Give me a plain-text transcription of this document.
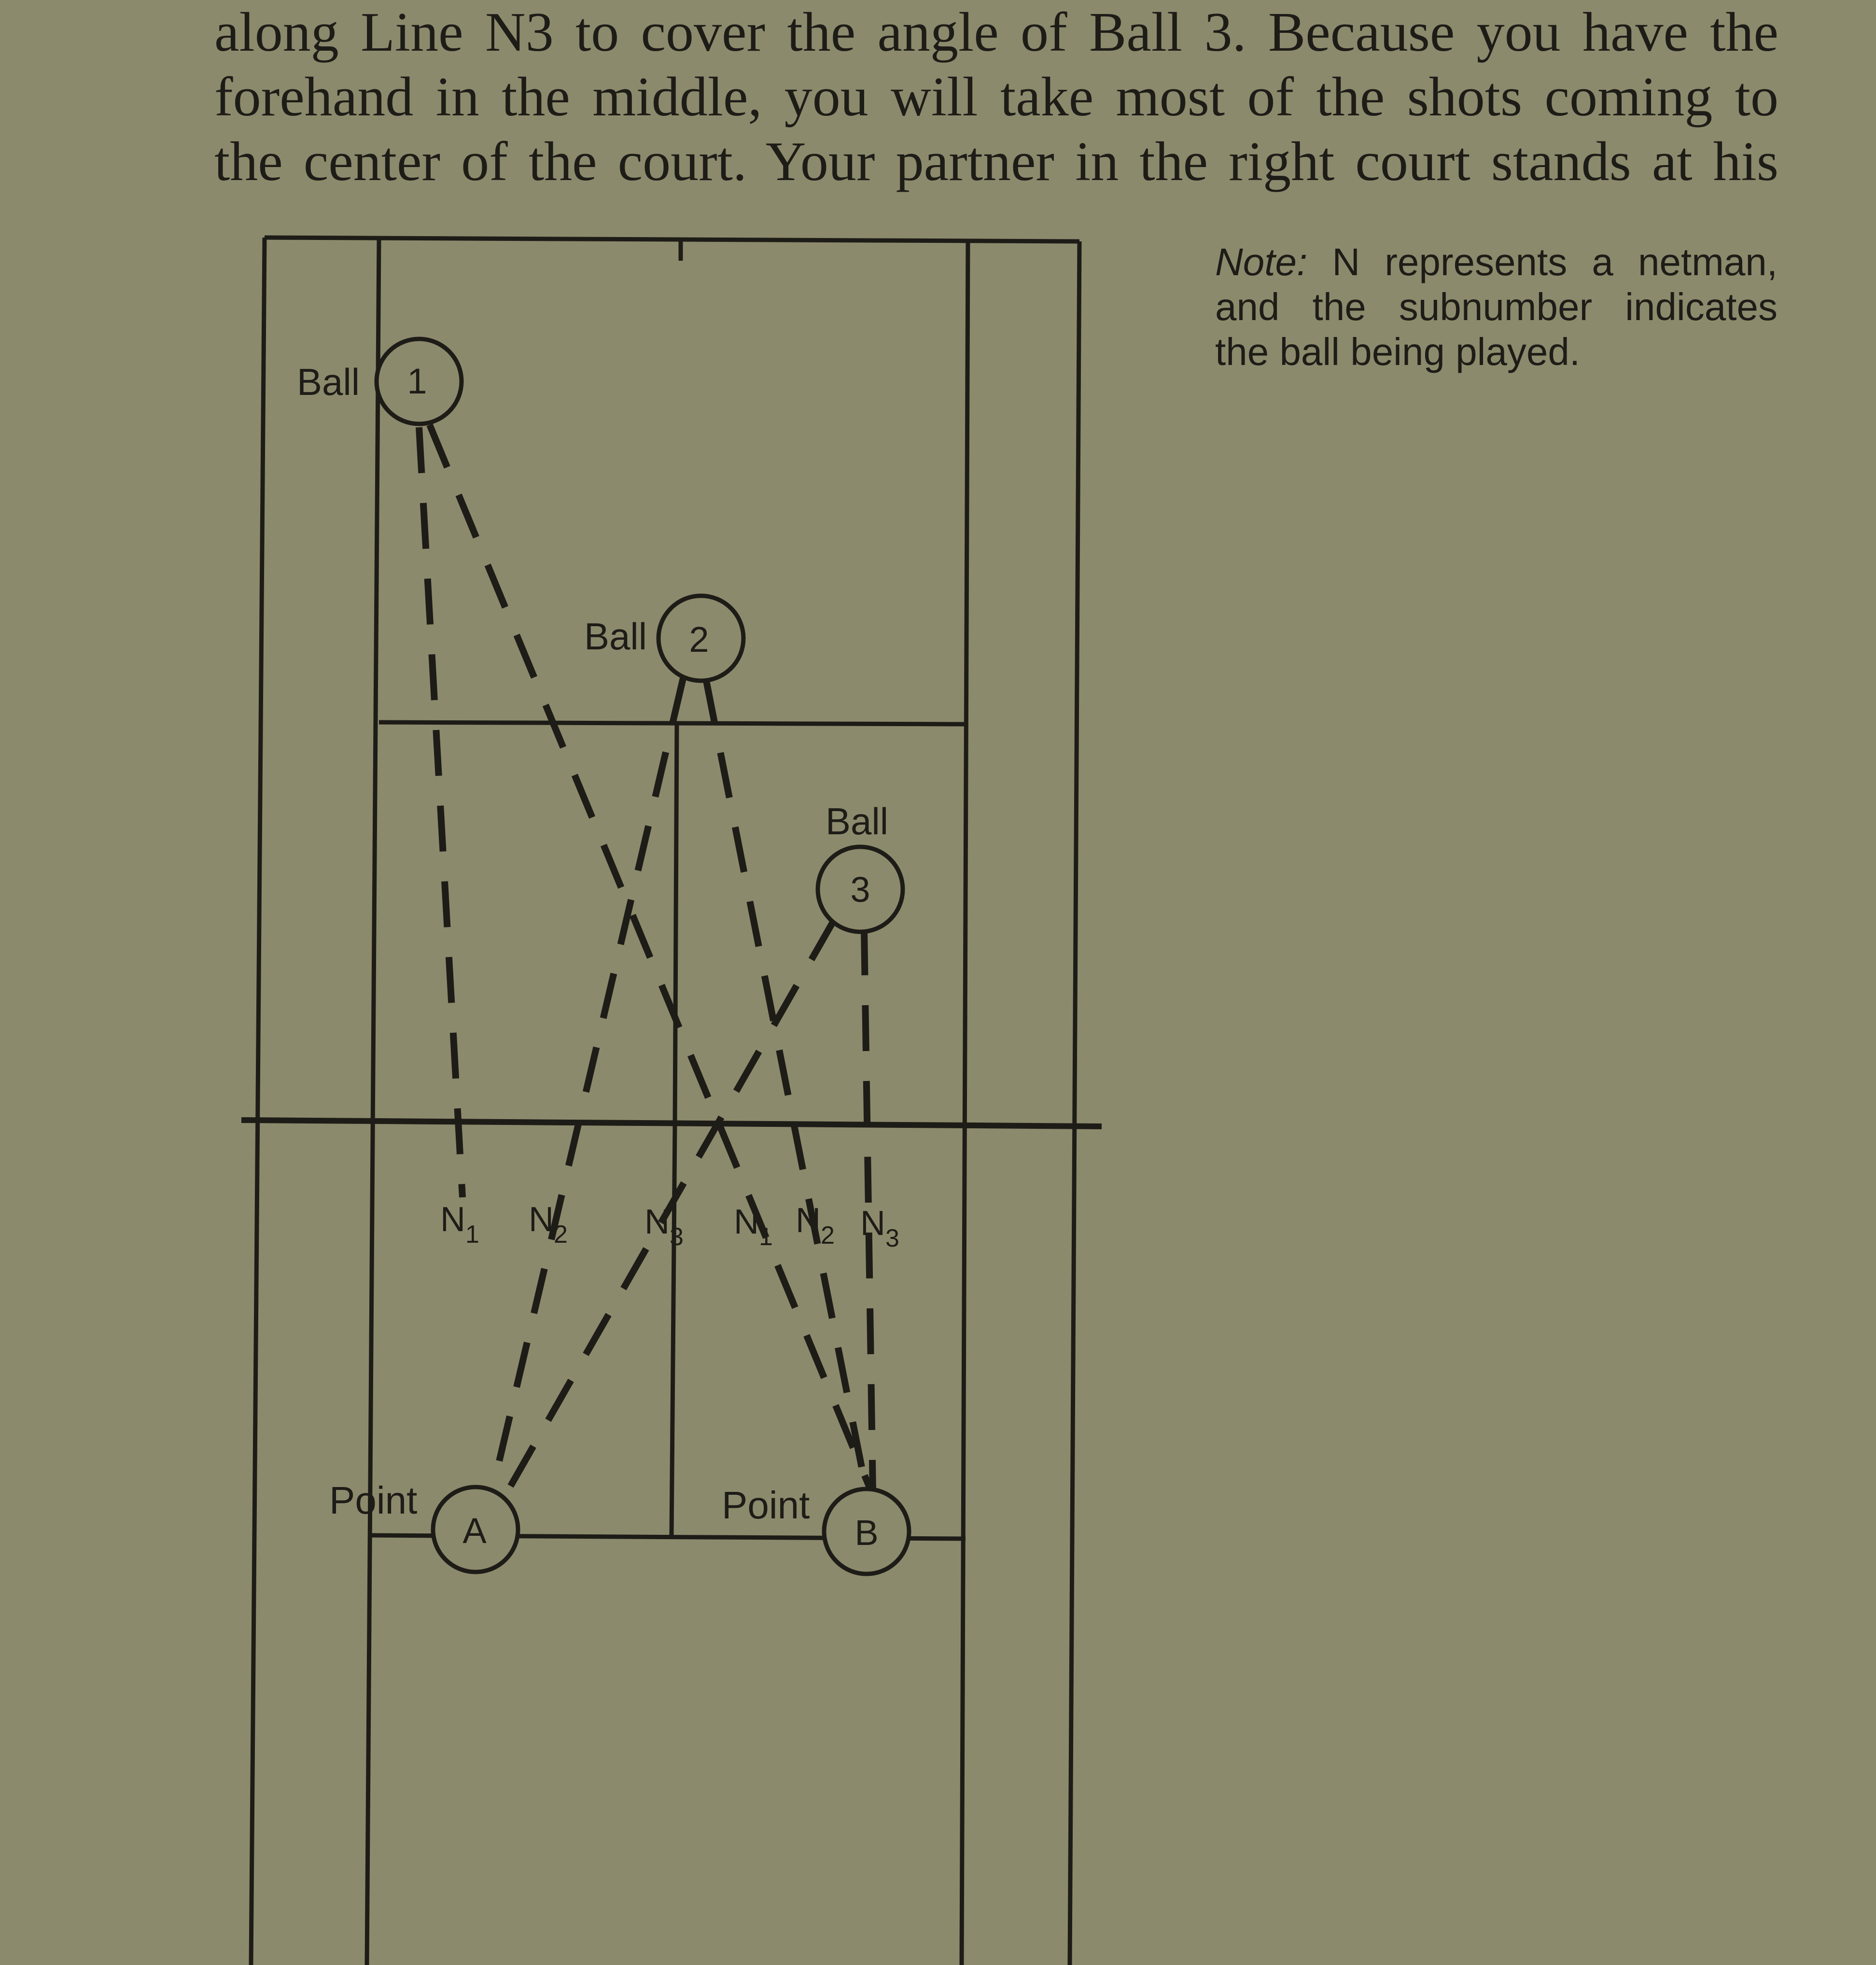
along Line N3 to cover the angle of Ball 3. Because you have the
forehand in the middle, you will take most of the shots coming to
the center of the court. Your partner in the right court stands at his
Note: N represents a netman,
and the subnumber indicates
the ball being played.
Ball 1
Ball 2
Ball
3
Point
A
Point
B
$N_1$ $N_2$ $N_3$ $N_1$ $N_2$ $N_3$
